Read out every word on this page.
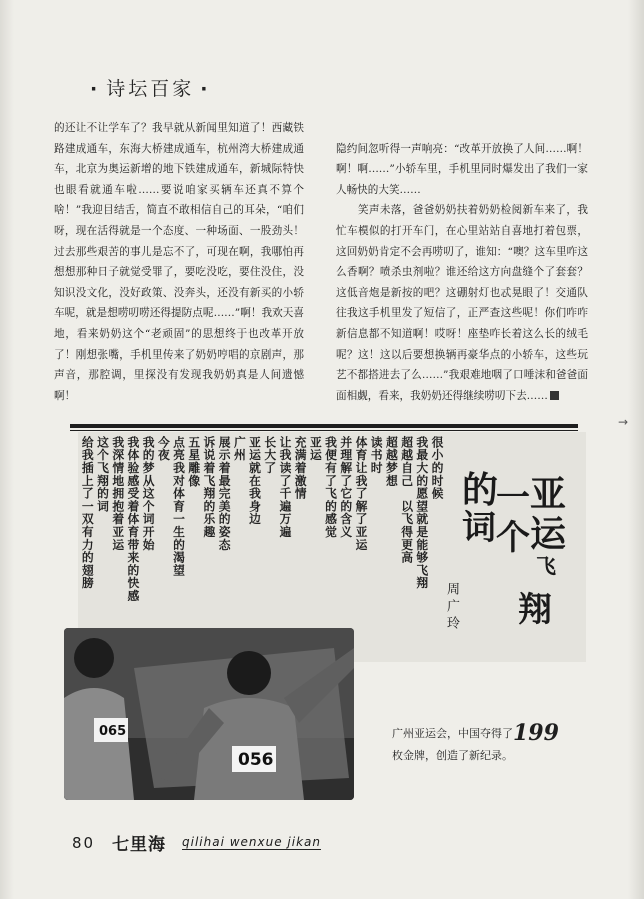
· 诗坛百家 ·
的还让不让学车了？我早就从新闻里知道了！西藏铁路建成通车，东海大桥建成通车，杭州湾大桥建成通车，北京为奥运新增的地下铁建成通车，新城际特快也眼看就通车啦……要说咱家买辆车还真不算个啥！”我迎目结舌，简直不敢相信自己的耳朵，“咱们呀，现在活得就是一个态度、一种场面、一股劲头！过去那些艰苦的事儿是忘不了，可现在啊，我哪怕再想想那种日子就觉受罪了，要吃没吃，要住没住，没知识没文化，没好政策、没奔头，还没有新买的小轿车呢，就是想唠叨唠还得提防点呢……”啊！我欢天喜地，看来奶奶这个“老顽固”的思想终于也改革开放了！刚想张嘴，手机里传来了奶奶哼唱的京剧声，那声音，那腔调，里探没有发现我奶奶真是人间遗憾啊！

隐约间忽听得一声响亮：“改革开放换了人间……啊！啊！啊……”小轿车里，手机里同时爆发出了我们一家人畅快的大笑……
　　笑声未落，爸爸奶奶扶着奶奶检阅新车来了，我忙车模似的打开车门，在心里站站自喜地打着包票，这回奶奶肯定不会再唠叨了，谁知：“噢？这车里咋这么香啊？喷杀虫剂啦？谁还给这方向盘缝个了套套？这低音炮是新按的吧？这硼射灯也忒晃眼了！交通队往我这手机里发了短信了，正严查这些呢！你们咋咋新信息都不知道啊！哎呀！座垫咋长着这么长的绒毛呢？这！这以后要想换辆再豪华点的小轿车，这些玩艺不都搭进去了么……”我艰难地咽了口唾沫和爸爸面面相觑，看来，我奶奶还得继续唠叨下去……

很小的时候

我最大的愿望就是能够飞翔

超越自己　以飞得更高

超越梦想

读书时

体育让我了解了亚运

并理解了它的含义

我便有了飞的感觉

亚运

充满着激情

让我读了千遍万遍

长大了

亚运就在我身边

广州

展示着最完美的姿态

诉说着飞翔的乐趣

五星雕像

点亮我对体育一生的渴望

今夜

我的梦从这个词开始

我体验感受着体育带来的快感

我深情地拥抱着亚运

这个飞翔的词

给我插上了一双有力的翅膀	亚
运
一
个
的
词
飞
翔
周广玲
065
056
广州亚运会，中国夺得了199
枚金牌，创造了新纪录。
80 七里海 qilihai wenxue jikan
→
